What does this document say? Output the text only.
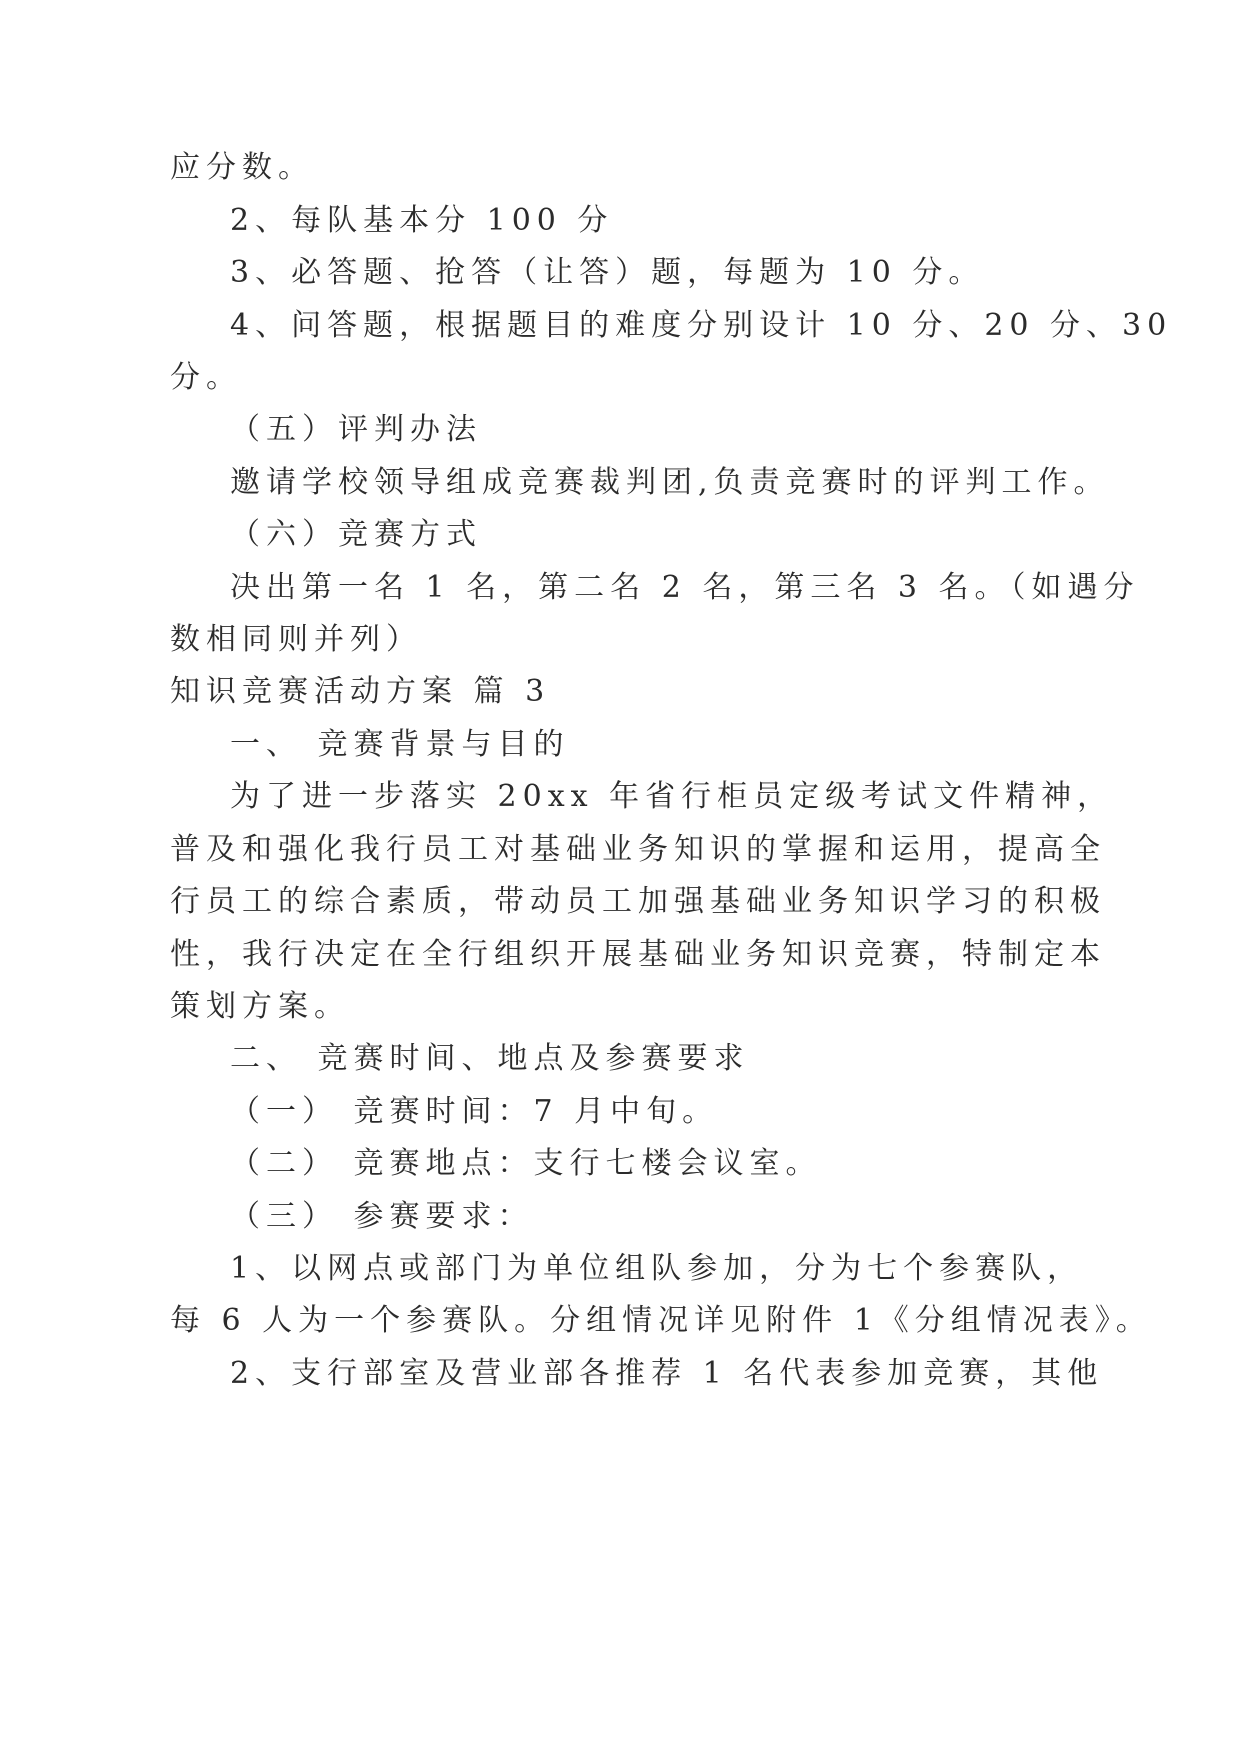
应分数。

2、每队基本分 100 分

3、必答题、抢答（让答）题，每题为 10 分。

4、问答题，根据题目的难度分别设计 10 分、20 分、30

分。

（五）评判办法

邀请学校领导组成竞赛裁判团,负责竞赛时的评判工作。

（六）竞赛方式

决出第一名 1 名，第二名 2 名，第三名 3 名。（如遇分

数相同则并列）

知识竞赛活动方案 篇 3

一、 竞赛背景与目的

为了进一步落实 20xx 年省行柜员定级考试文件精神，

普及和强化我行员工对基础业务知识的掌握和运用，提高全

行员工的综合素质，带动员工加强基础业务知识学习的积极

性，我行决定在全行组织开展基础业务知识竞赛，特制定本

策划方案。

二、 竞赛时间、地点及参赛要求

（一） 竞赛时间：7 月中旬。

（二） 竞赛地点：支行七楼会议室。

（三） 参赛要求：

1、以网点或部门为单位组队参加，分为七个参赛队，

每 6 人为一个参赛队。分组情况详见附件 1《分组情况表》。

2、支行部室及营业部各推荐 1 名代表参加竞赛，其他
